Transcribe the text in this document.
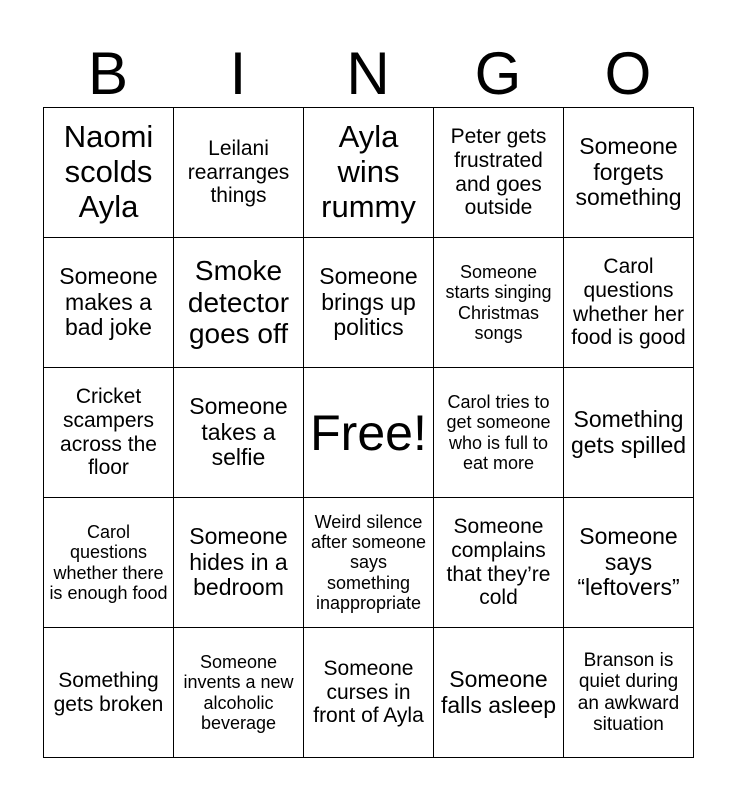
B	I	N	G	O
Naomi scolds Ayla	Leilani rearranges things	Ayla wins rummy	Peter gets frustrated and goes outside	Someone forgets something
Someone makes a bad joke	Smoke detector goes off	Someone brings up politics	Someone starts singing Christmas songs	Carol questions whether her food is good
Cricket scampers across the floor	Someone takes a selfie	Free!	Carol tries to get someone who is full to eat more	Something gets spilled
Carol questions whether there is enough food	Someone hides in a bedroom	Weird silence after someone says something inappropriate	Someone complains that they’re cold	Someone says “leftovers”
Something gets broken	Someone invents a new alcoholic beverage	Someone curses in front of Ayla	Someone falls asleep	Branson is quiet during an awkward situation
